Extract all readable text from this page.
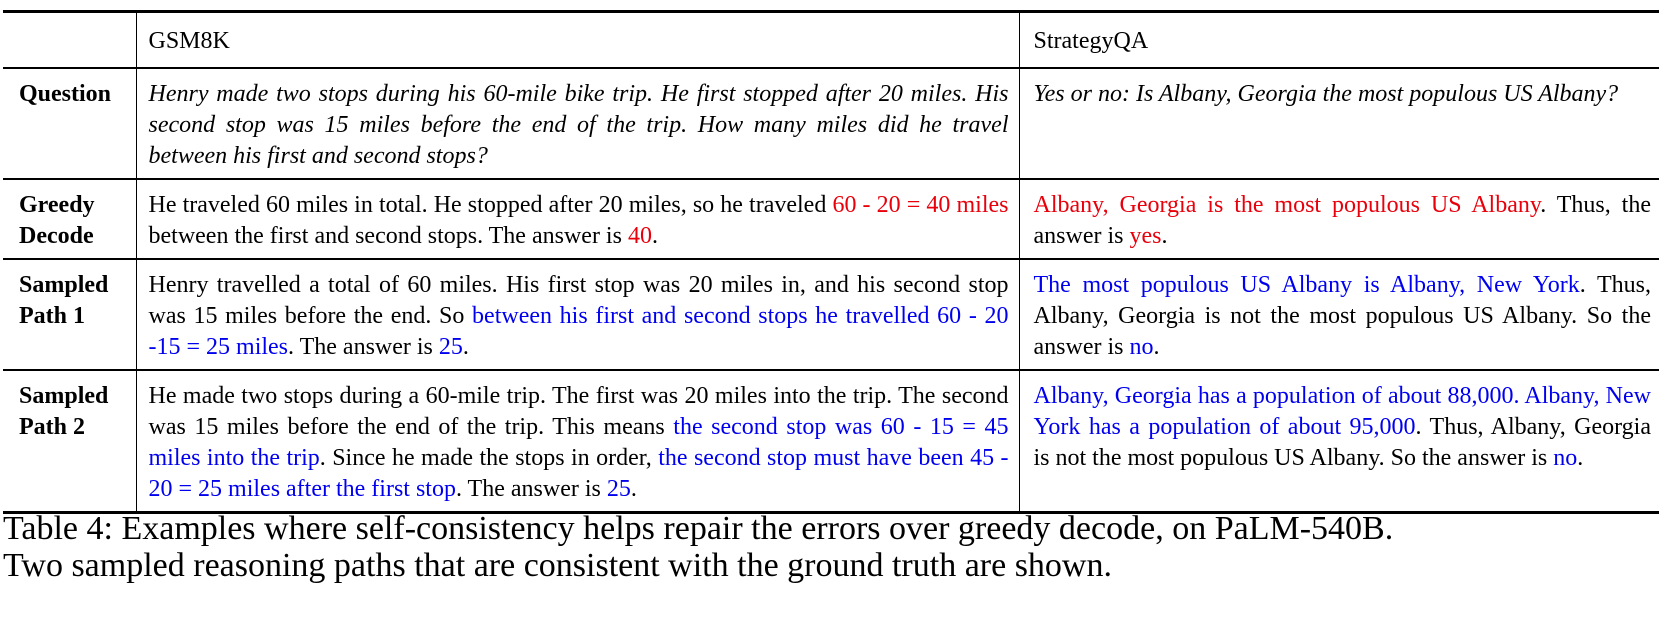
	GSM8K	StrategyQA
Question	Henry made two stops during his 60-mile bike trip. He first stopped after 20 miles. His second stop was 15 miles before the end of the trip. How many miles did he travel between his first and second stops?	Yes or no: Is Albany, Georgia the most populous US Albany?
Greedy Decode	He traveled 60 miles in total. He stopped after 20 miles, so he traveled 60 - 20 = 40 miles between the first and second stops. The answer is 40.	Albany, Georgia is the most populous US Albany. Thus, the answer is yes.
Sampled Path 1	Henry travelled a total of 60 miles. His first stop was 20 miles in, and his second stop was 15 miles before the end. So between his first and second stops he travelled 60 - 20 -15 = 25 miles. The answer is 25.	The most populous US Albany is Albany, New York. Thus, Albany, Georgia is not the most populous US Albany. So the answer is no.
Sampled Path 2	He made two stops during a 60-mile trip. The first was 20 miles into the trip. The second was 15 miles before the end of the trip. This means the second stop was 60 - 15 = 45 miles into the trip. Since he made the stops in order, the second stop must have been 45 - 20 = 25 miles after the first stop. The answer is 25.	Albany, Georgia has a population of about 88,000. Albany, New York has a population of about 95,000. Thus, Albany, Georgia is not the most populous US Albany. So the answer is no.
Table 4: Examples where self-consistency helps repair the errors over greedy decode, on PaLM-540B.
Two sampled reasoning paths that are consistent with the ground truth are shown.
